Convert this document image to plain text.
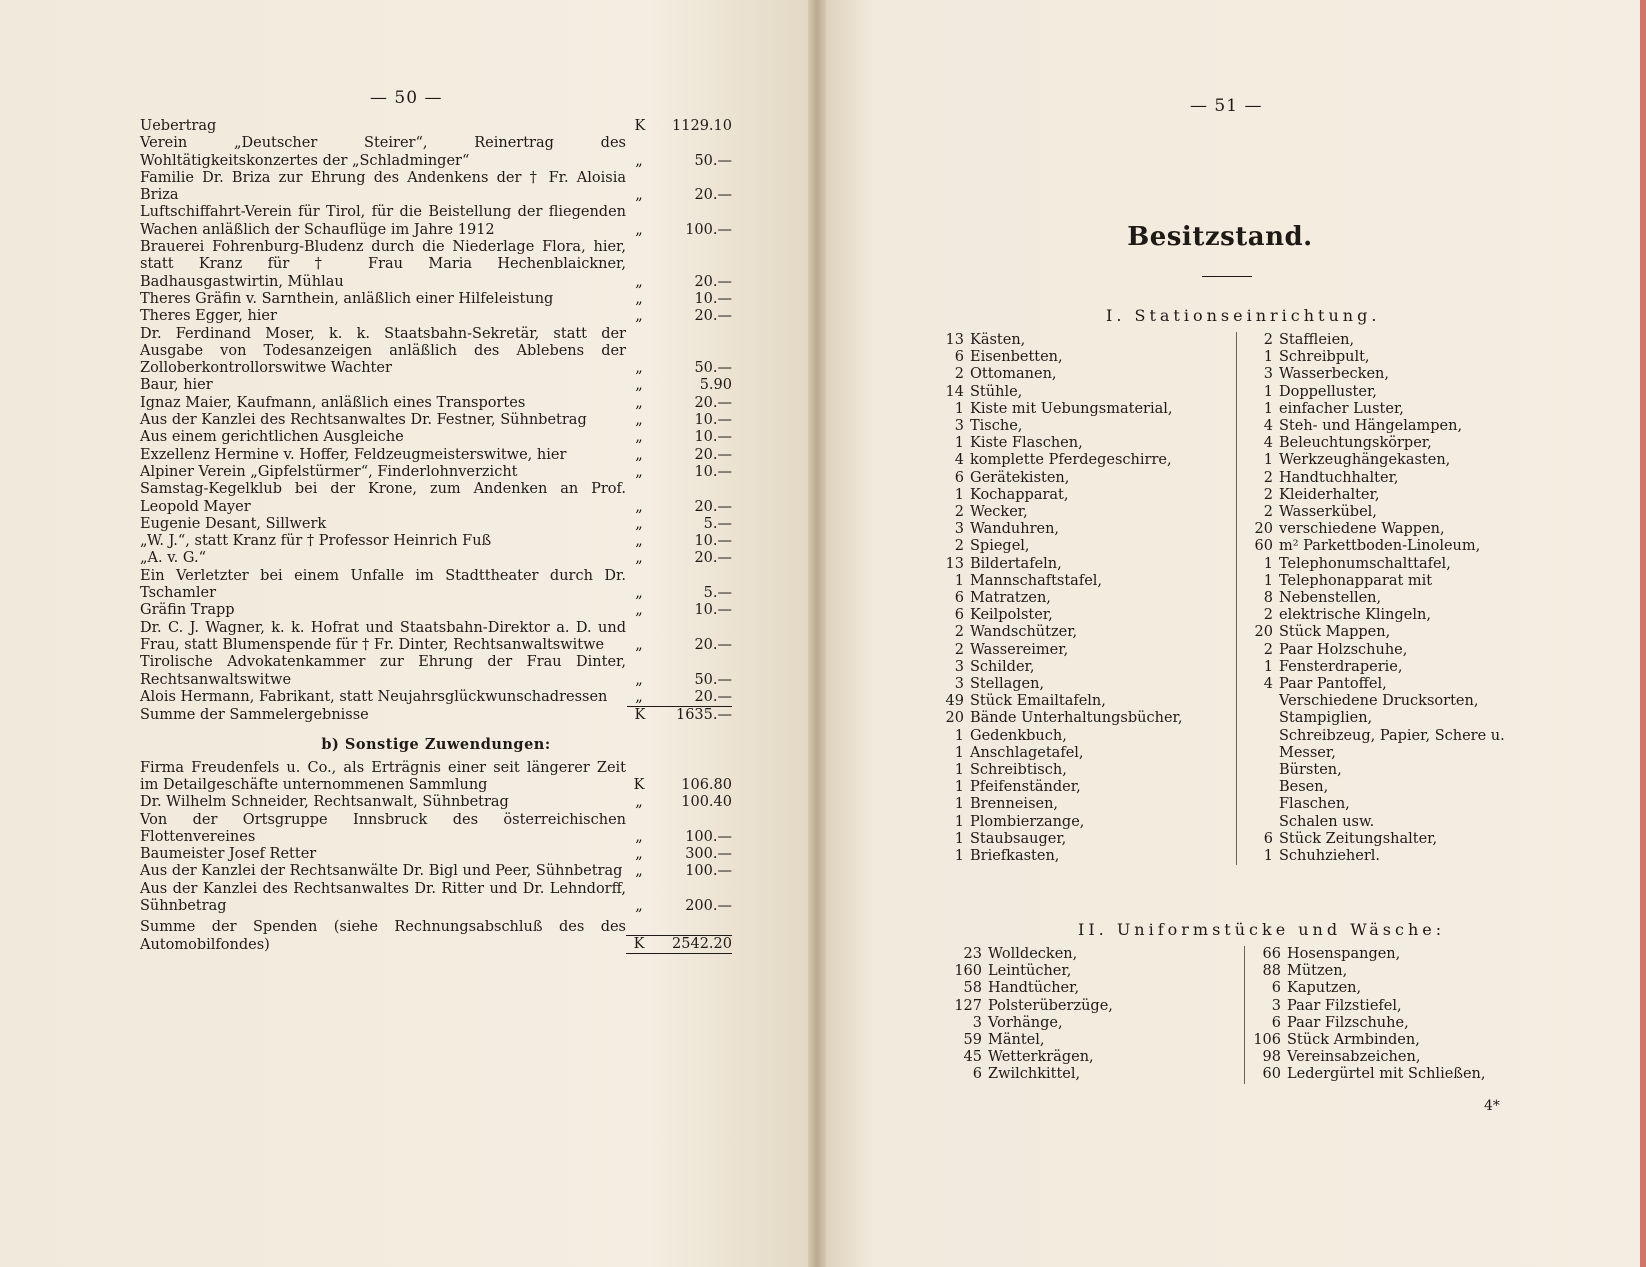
— 50 —
Uebertrag	K	1129.10
Verein „Deutscher Steirer“, Reinertrag des Wohltätigkeitskonzertes der „Schladminger“	„	50.—
Familie Dr. Briza zur Ehrung des Andenkens der † Fr. Aloisia Briza	„	20.—
Luftschiffahrt-Verein für Tirol, für die Beistellung der fliegenden Wachen anläßlich der Schauflüge im Jahre 1912	„	100.—
Brauerei Fohrenburg-Bludenz durch die Niederlage Flora, hier, statt Kranz für † Frau Maria Hechenblaickner, Badhausgastwirtin, Mühlau	„	20.—
Theres Gräfin v. Sarnthein, anläßlich einer Hilfeleistung	„	10.—
Theres Egger, hier	„	20.—
Dr. Ferdinand Moser, k. k. Staatsbahn-Sekretär, statt der Ausgabe von Todesanzeigen anläßlich des Ablebens der Zolloberkontrollorswitwe Wachter	„	50.—
Baur, hier	„	5.90
Ignaz Maier, Kaufmann, anläßlich eines Transportes	„	20.—
Aus der Kanzlei des Rechtsanwaltes Dr. Festner, Sühnbetrag	„	10.—
Aus einem gerichtlichen Ausgleiche	„	10.—
Exzellenz Hermine v. Hoffer, Feldzeugmeisterswitwe, hier	„	20.—
Alpiner Verein „Gipfelstürmer“, Finderlohnverzicht	„	10.—
Samstag-Kegelklub bei der Krone, zum Andenken an Prof. Leopold Mayer	„	20.—
Eugenie Desant, Sillwerk	„	5.—
„W. J.“, statt Kranz für † Professor Heinrich Fuß	„	10.—
„A. v. G.“	„	20.—
Ein Verletzter bei einem Unfalle im Stadttheater durch Dr. Tschamler	„	5.—
Gräfin Trapp	„	10.—
Dr. C. J. Wagner, k. k. Hofrat und Staatsbahn-Direktor a. D. und Frau, statt Blumenspende für † Fr. Dinter, Rechtsanwaltswitwe	„	20.—
Tirolische Advokatenkammer zur Ehrung der Frau Dinter, Rechtsanwaltswitwe	„	50.—
Alois Hermann, Fabrikant, statt Neujahrsglückwunschadressen	„	20.—
Summe der Sammelergebnisse	K	1635.—
b) Sonstige Zuwendungen:
Firma Freudenfels u. Co., als Erträgnis einer seit längerer Zeit im Detailgeschäfte unternommenen Sammlung	K	106.80
Dr. Wilhelm Schneider, Rechtsanwalt, Sühnbetrag	„	100.40
Von der Ortsgruppe Innsbruck des österreichischen Flottenvereines	„	100.—
Baumeister Josef Retter	„	300.—
Aus der Kanzlei der Rechtsanwälte Dr. Bigl und Peer, Sühnbetrag „	100.—
Aus der Kanzlei des Rechtsanwaltes Dr. Ritter und Dr. Lehndorff, Sühnbetrag	„	200.—
Summe der Spenden (siehe Rechnungsabschluß des des Automobilfondes)	K	2542.20
— 51 —
Besitzstand.
I. Stationseinrichtung.
13 Kästen,
6 Eisenbetten,
2 Ottomanen,
14 Stühle,
1 Kiste mit Uebungsmaterial,
3 Tische,
1 Kiste Flaschen,
4 komplette Pferdegeschirre,
6 Gerätekisten,
1 Kochapparat,
2 Wecker,
3 Wanduhren,
2 Spiegel,
13 Bildertafeln,
1 Mannschaftstafel,
6 Matratzen,
6 Keilpolster,
2 Wandschützer,
2 Wassereimer,
3 Schilder,
3 Stellagen,
49 Stück Emailtafeln,
20 Bände Unterhaltungsbücher,
1 Gedenkbuch,
1 Anschlagetafel,
1 Schreibtisch,
1 Pfeifenständer,
1 Brenneisen,
1 Plombierzange,
1 Staubsauger,
1 Briefkasten,
2 Staffleien,
1 Schreibpult,
3 Wasserbecken,
1 Doppelluster,
1 einfacher Luster,
4 Steh- und Hängelampen,
4 Beleuchtungskörper,
1 Werkzeughängekasten,
2 Handtuchhalter,
2 Kleiderhalter,
2 Wasserkübel,
20 verschiedene Wappen,
60 m² Parkettboden-Linoleum,
1 Telephonumschalttafel,
1 Telephonapparat mit
8 Nebenstellen,
2 elektrische Klingeln,
20 Stück Mappen,
2 Paar Holzschuhe,
1 Fensterdraperie,
4 Paar Pantoffel,
Verschiedene Drucksorten,
Stampiglien,
Schreibzeug, Papier, Schere u.
Messer,
Bürsten,
Besen,
Flaschen,
Schalen usw.
6 Stück Zeitungshalter,
1 Schuhzieherl.
II. Uniformstücke und Wäsche:
23 Wolldecken,
160 Leintücher,
58 Handtücher,
127 Polsterüberzüge,
3 Vorhänge,
59 Mäntel,
45 Wetterkrägen,
6 Zwilchkittel,
66 Hosenspangen,
88 Mützen,
6 Kaputzen,
3 Paar Filzstiefel,
6 Paar Filzschuhe,
106 Stück Armbinden,
98 Vereinsabzeichen,
60 Ledergürtel mit Schließen,
4*
